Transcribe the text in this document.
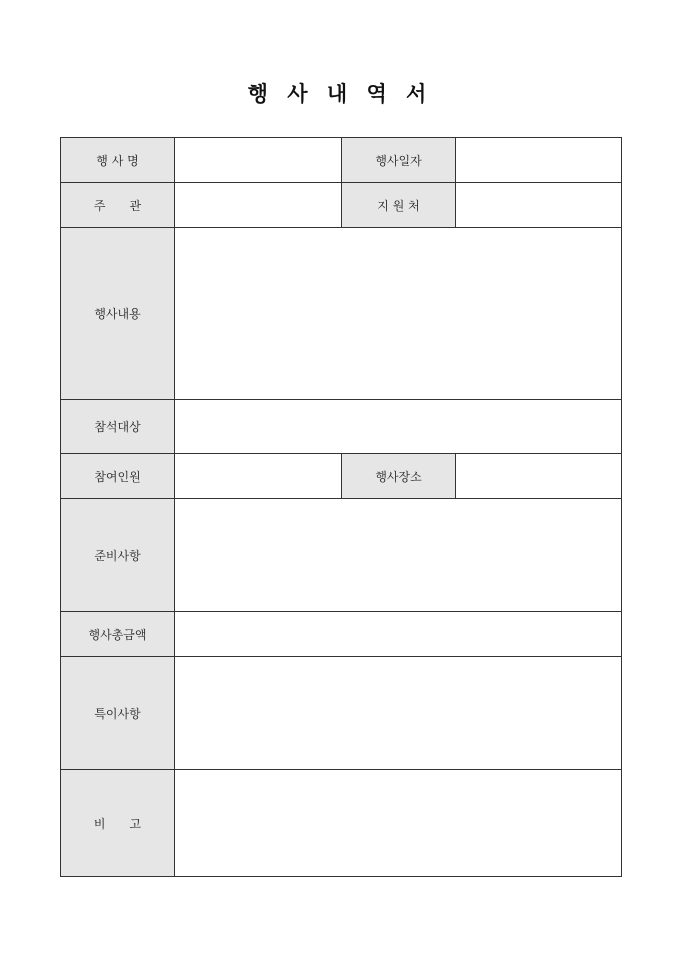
행 사 내 역 서
행 사 명		행사일자	
주　　관		지 원 처	
행사내용			
참석대상			
참여인원		행사장소	
준비사항			
행사총금액			
특이사항			
비　　고			
